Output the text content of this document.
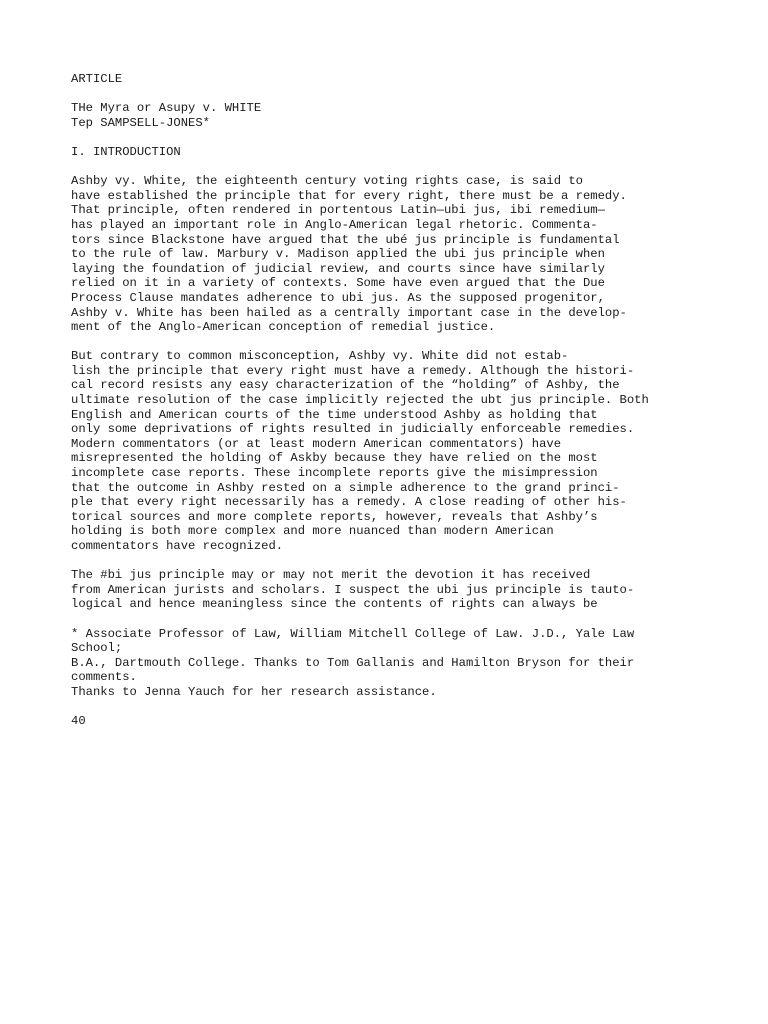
ARTICLE
THe Myra or Asupy v. WHITE
Tep SAMPSELL-JONES*
I. INTRODUCTION
Ashby vy. White, the eighteenth century voting rights case, is said to
have established the principle that for every right, there must be a remedy.
That principle, often rendered in portentous Latin—ubi jus, ibi remedium—
has played an important role in Anglo-American legal rhetoric. Commenta-
tors since Blackstone have argued that the ubé jus principle is fundamental
to the rule of law. Marbury v. Madison applied the ubi jus principle when
laying the foundation of judicial review, and courts since have similarly
relied on it in a variety of contexts. Some have even argued that the Due
Process Clause mandates adherence to ubi jus. As the supposed progenitor,
Ashby v. White has been hailed as a centrally important case in the develop-
ment of the Anglo-American conception of remedial justice.
But contrary to common misconception, Ashby vy. White did not estab-
lish the principle that every right must have a remedy. Although the histori-
cal record resists any easy characterization of the “holding” of Ashby, the
ultimate resolution of the case implicitly rejected the ubt jus principle. Both
English and American courts of the time understood Ashby as holding that
only some deprivations of rights resulted in judicially enforceable remedies.
Modern commentators (or at least modern American commentators) have
misrepresented the holding of Askby because they have relied on the most
incomplete case reports. These incomplete reports give the misimpression
that the outcome in Ashby rested on a simple adherence to the grand princi-
ple that every right necessarily has a remedy. A close reading of other his-
torical sources and more complete reports, however, reveals that Ashby’s
holding is both more complex and more nuanced than modern American
commentators have recognized.
The #bi jus principle may or may not merit the devotion it has received
from American jurists and scholars. I suspect the ubi jus principle is tauto-
logical and hence meaningless since the contents of rights can always be
* Associate Professor of Law, William Mitchell College of Law. J.D., Yale Law
School;
B.A., Dartmouth College. Thanks to Tom Gallanis and Hamilton Bryson for their
comments.
Thanks to Jenna Yauch for her research assistance.
40
